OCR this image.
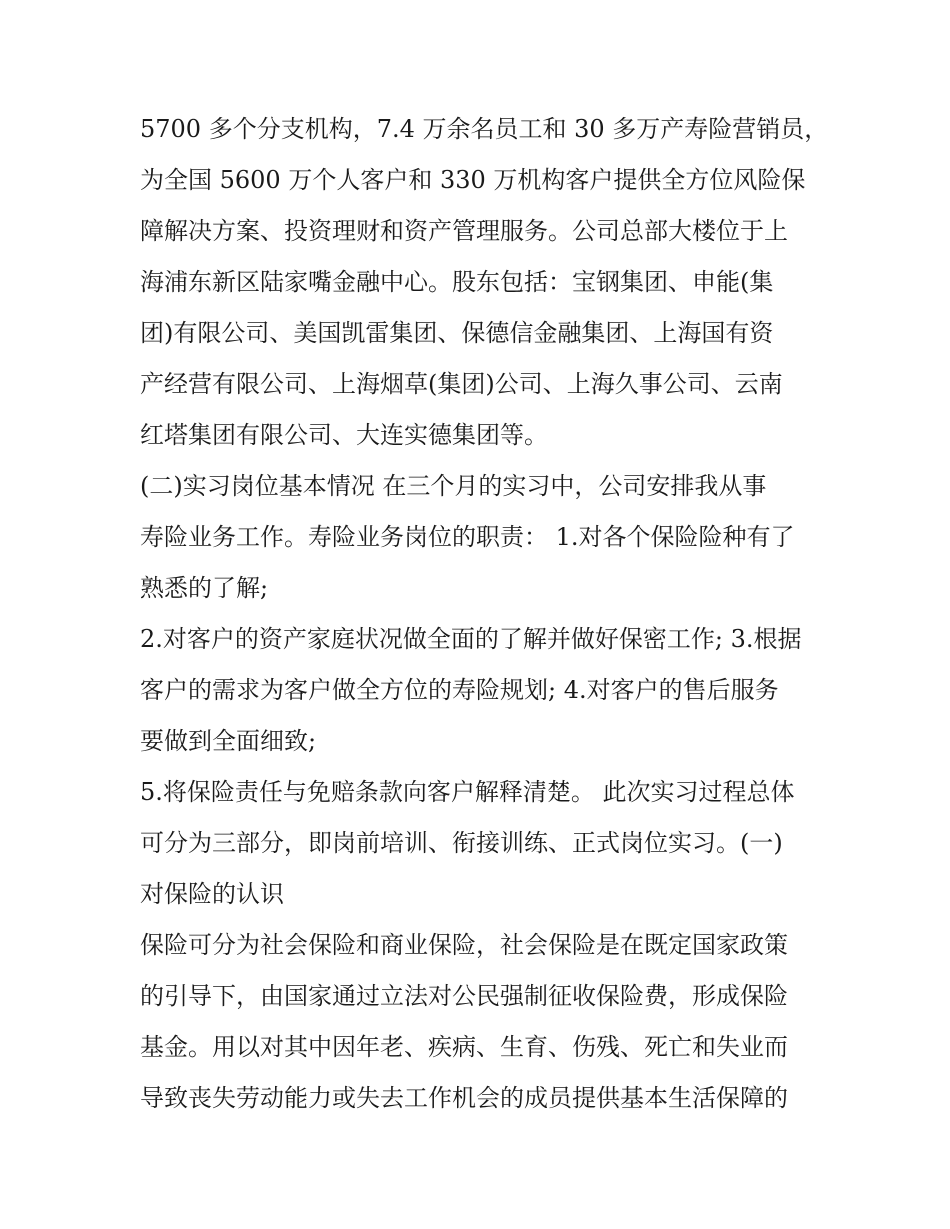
5700 多个分支机构，7.4 万余名员工和 30 多万产寿险营销员，
为全国 5600 万个人客户和 330 万机构客户提供全方位风险保
障解决方案、投资理财和资产管理服务。公司总部大楼位于上
海浦东新区陆家嘴金融中心。股东包括：宝钢集团、申能(集
团)有限公司、美国凯雷集团、保德信金融集团、上海国有资
产经营有限公司、上海烟草(集团)公司、上海久事公司、云南
红塔集团有限公司、大连实德集团等。
(二)实习岗位基本情况 在三个月的实习中，公司安排我从事
寿险业务工作。寿险业务岗位的职责： 1.对各个保险险种有了
熟悉的了解;
2.对客户的资产家庭状况做全面的了解并做好保密工作; 3.根据
客户的需求为客户做全方位的寿险规划; 4.对客户的售后服务
要做到全面细致;
5.将保险责任与免赔条款向客户解释清楚。 此次实习过程总体
可分为三部分，即岗前培训、衔接训练、正式岗位实习。(一)
对保险的认识
保险可分为社会保险和商业保险，社会保险是在既定国家政策
的引导下，由国家通过立法对公民强制征收保险费，形成保险
基金。用以对其中因年老、疾病、生育、伤残、死亡和失业而
导致丧失劳动能力或失去工作机会的成员提供基本生活保障的
